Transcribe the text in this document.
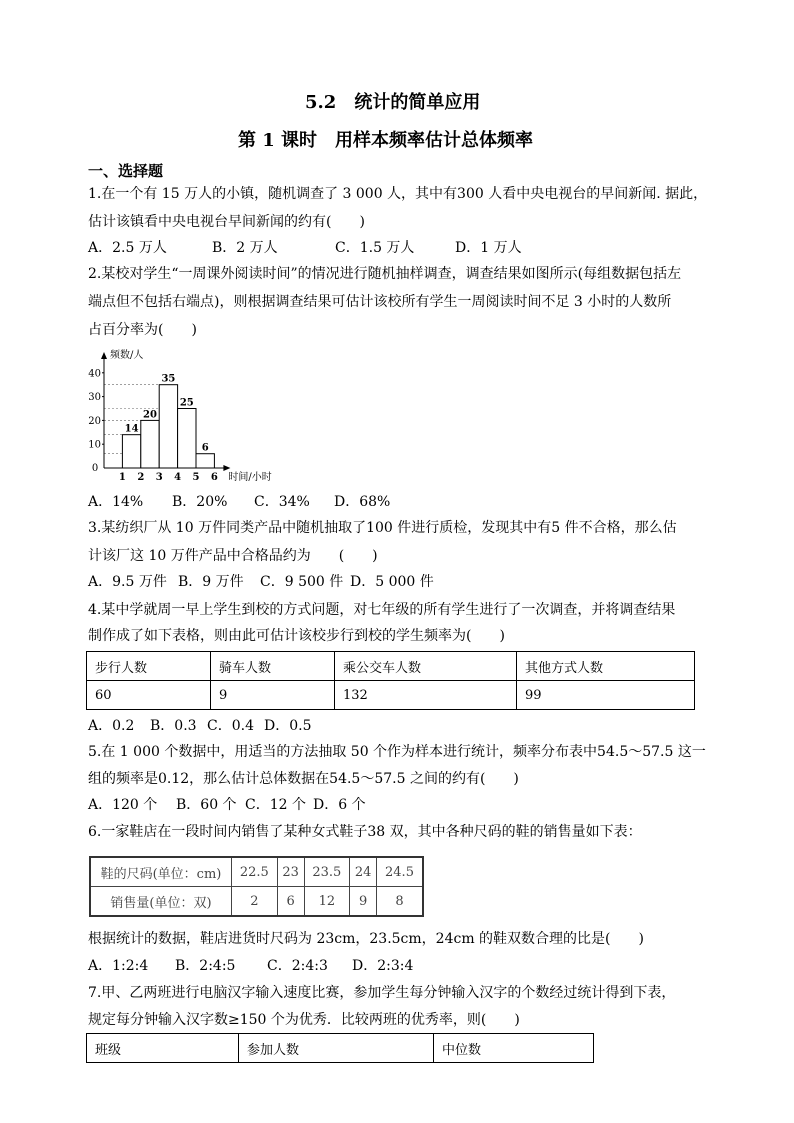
5.2　统计的简单应用
第 1 课时　用样本频率估计总体频率
一、选择题
1.在一个有 15 万人的小镇，随机调查了 3 000 人，其中有300 人看中央电视台的早间新闻. 据此，
估计该镇看中央电视台早间新闻的约有(　　)
A．2.5 万人	B．2 万人	C．1.5 万人	D．1 万人
2.某校对学生“一周课外阅读时间”的情况进行随机抽样调查，调查结果如图所示(每组数据包括左
端点但不包括右端点)，则根据调查结果可估计该校所有学生一周阅读时间不足 3 小时的人数所
占百分率为(　　)
14
20
35
25
6
10
20
30
40
1 2 3 4 5 6
0
频数/人
时间/小时
A．14% B．20% C．34% D．68%
3.某纺织厂从 10 万件同类产品中随机抽取了100 件进行质检，发现其中有5 件不合格，那么估
计该厂这 10 万件产品中合格品约为　　(　　)
A．9.5 万件 B．9 万件 C．9 500 件 D．5 000 件
4.某中学就周一早上学生到校的方式问题，对七年级的所有学生进行了一次调查，并将调查结果
制作成了如下表格，则由此可估计该校步行到校的学生频率为(　　)
步行人数	骑车人数	乘公交车人数	其他方式人数
60	9	132	99
A．0.2 B．0.3 C．0.4 D．0.5
5.在 1 000 个数据中，用适当的方法抽取 50 个作为样本进行统计，频率分布表中54.5～57.5 这一
组的频率是0.12，那么估计总体数据在54.5～57.5 之间的约有(　　)
A．120 个 B．60 个 C．12 个 D．6 个
6.一家鞋店在一段时间内销售了某种女式鞋子38 双，其中各种尺码的鞋的销售量如下表：
鞋的尺码(单位：cm)	22.5	23	23.5	24	24.5
销售量(单位：双)	2	6	12	9	8
根据统计的数据，鞋店进货时尺码为 23cm，23.5cm，24cm 的鞋双数合理的比是(　　)
A．1:2:4 B．2:4:5 C．2:4:3 D．2:3:4
7.甲、乙两班进行电脑汉字输入速度比赛，参加学生每分钟输入汉字的个数经过统计得到下表，
规定每分钟输入汉字数≥150 个为优秀．比较两班的优秀率，则(　　)
班级	参加人数	中位数
